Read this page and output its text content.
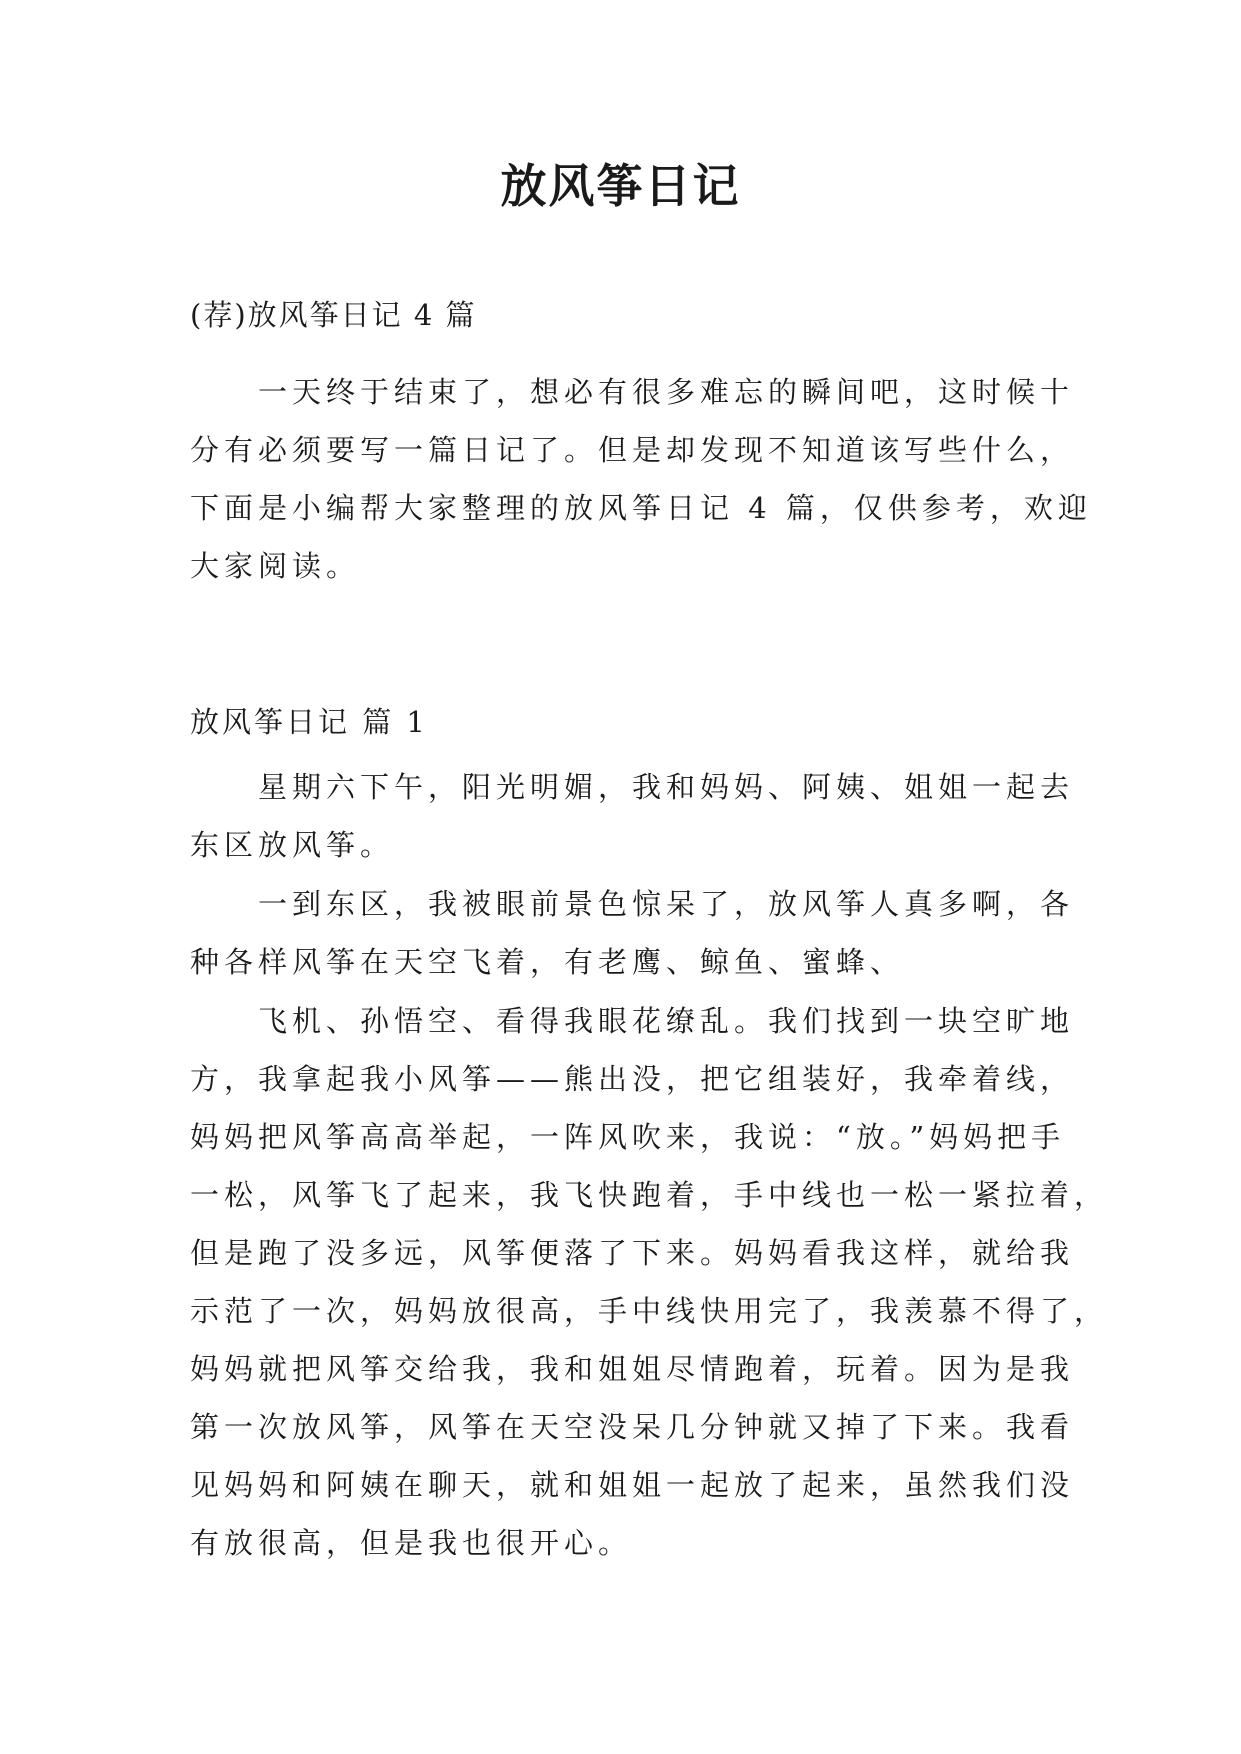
放风筝日记
(荐)放风筝日记 4 篇
一天终于结束了，想必有很多难忘的瞬间吧，这时候十
分有必须要写一篇日记了。但是却发现不知道该写些什么，
下面是小编帮大家整理的放风筝日记 4 篇，仅供参考，欢迎
大家阅读。
放风筝日记 篇 1
星期六下午，阳光明媚，我和妈妈、阿姨、姐姐一起去
东区放风筝。
一到东区，我被眼前景色惊呆了，放风筝人真多啊，各
种各样风筝在天空飞着，有老鹰、鲸鱼、蜜蜂、
飞机、孙悟空、看得我眼花缭乱。我们找到一块空旷地
方，我拿起我小风筝——熊出没，把它组装好，我牵着线，
妈妈把风筝高高举起，一阵风吹来，我说：“放。”妈妈把手
一松，风筝飞了起来，我飞快跑着，手中线也一松一紧拉着，
但是跑了没多远，风筝便落了下来。妈妈看我这样，就给我
示范了一次，妈妈放很高，手中线快用完了，我羡慕不得了，
妈妈就把风筝交给我，我和姐姐尽情跑着，玩着。因为是我
第一次放风筝，风筝在天空没呆几分钟就又掉了下来。我看
见妈妈和阿姨在聊天，就和姐姐一起放了起来，虽然我们没
有放很高，但是我也很开心。
